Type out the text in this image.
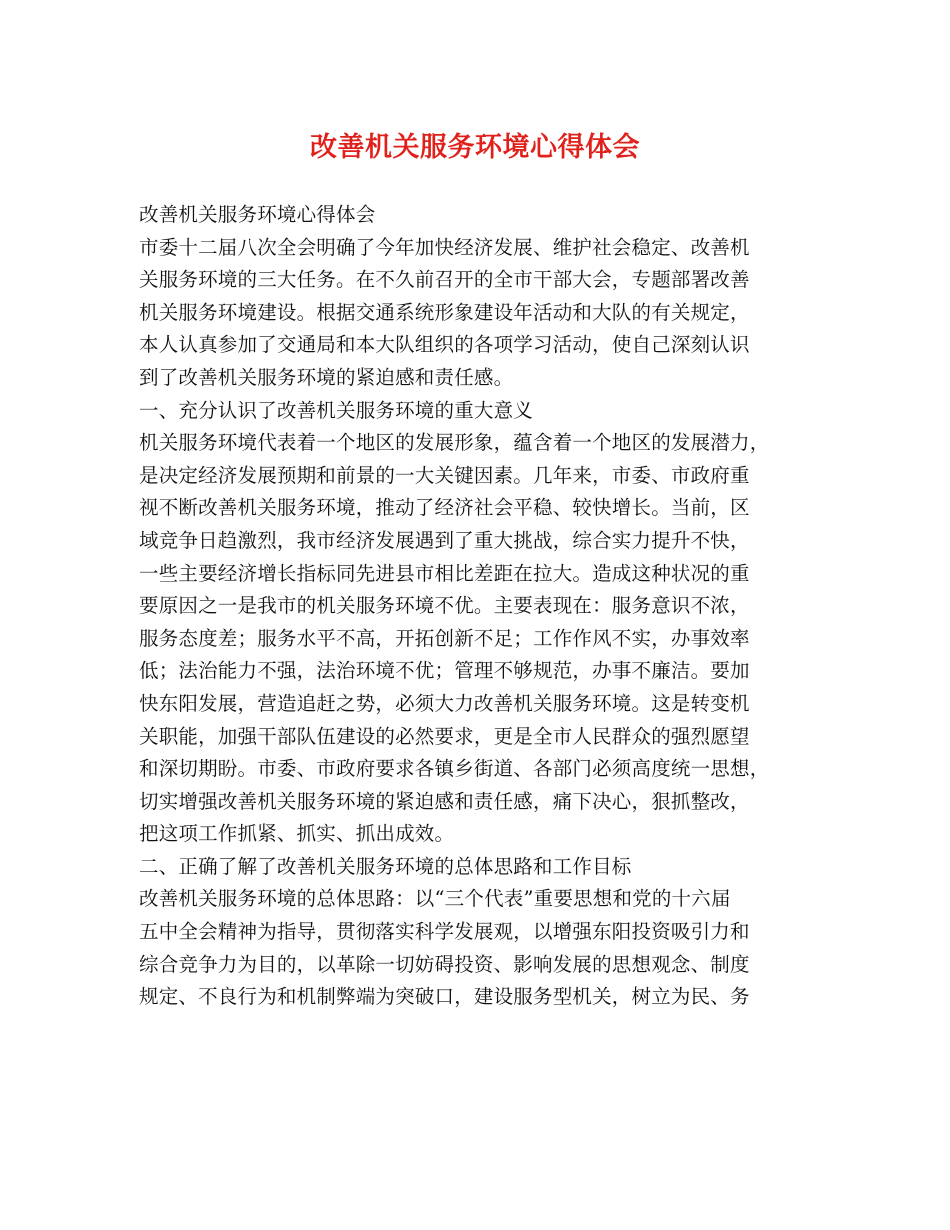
改善机关服务环境心得体会
改善机关服务环境心得体会
市委十二届八次全会明确了今年加快经济发展、维护社会稳定、改善机
关服务环境的三大任务。在不久前召开的全市干部大会，专题部署改善
机关服务环境建设。根据交通系统形象建设年活动和大队的有关规定，
本人认真参加了交通局和本大队组织的各项学习活动，使自己深刻认识
到了改善机关服务环境的紧迫感和责任感。
一、充分认识了改善机关服务环境的重大意义
机关服务环境代表着一个地区的发展形象，蕴含着一个地区的发展潜力，
是决定经济发展预期和前景的一大关键因素。几年来，市委、市政府重
视不断改善机关服务环境，推动了经济社会平稳、较快增长。当前，区
域竞争日趋激烈，我市经济发展遇到了重大挑战，综合实力提升不快，
一些主要经济增长指标同先进县市相比差距在拉大。造成这种状况的重
要原因之一是我市的机关服务环境不优。主要表现在：服务意识不浓，
服务态度差；服务水平不高，开拓创新不足；工作作风不实，办事效率
低；法治能力不强，法治环境不优；管理不够规范，办事不廉洁。要加
快东阳发展，营造追赶之势，必须大力改善机关服务环境。这是转变机
关职能，加强干部队伍建设的必然要求，更是全市人民群众的强烈愿望
和深切期盼。市委、市政府要求各镇乡街道、各部门必须高度统一思想，
切实增强改善机关服务环境的紧迫感和责任感，痛下决心，狠抓整改，
把这项工作抓紧、抓实、抓出成效。
二、正确了解了改善机关服务环境的总体思路和工作目标
改善机关服务环境的总体思路：以“三个代表”重要思想和党的十六届
五中全会精神为指导，贯彻落实科学发展观，以增强东阳投资吸引力和
综合竞争力为目的，以革除一切妨碍投资、影响发展的思想观念、制度
规定、不良行为和机制弊端为突破口，建设服务型机关，树立为民、务
